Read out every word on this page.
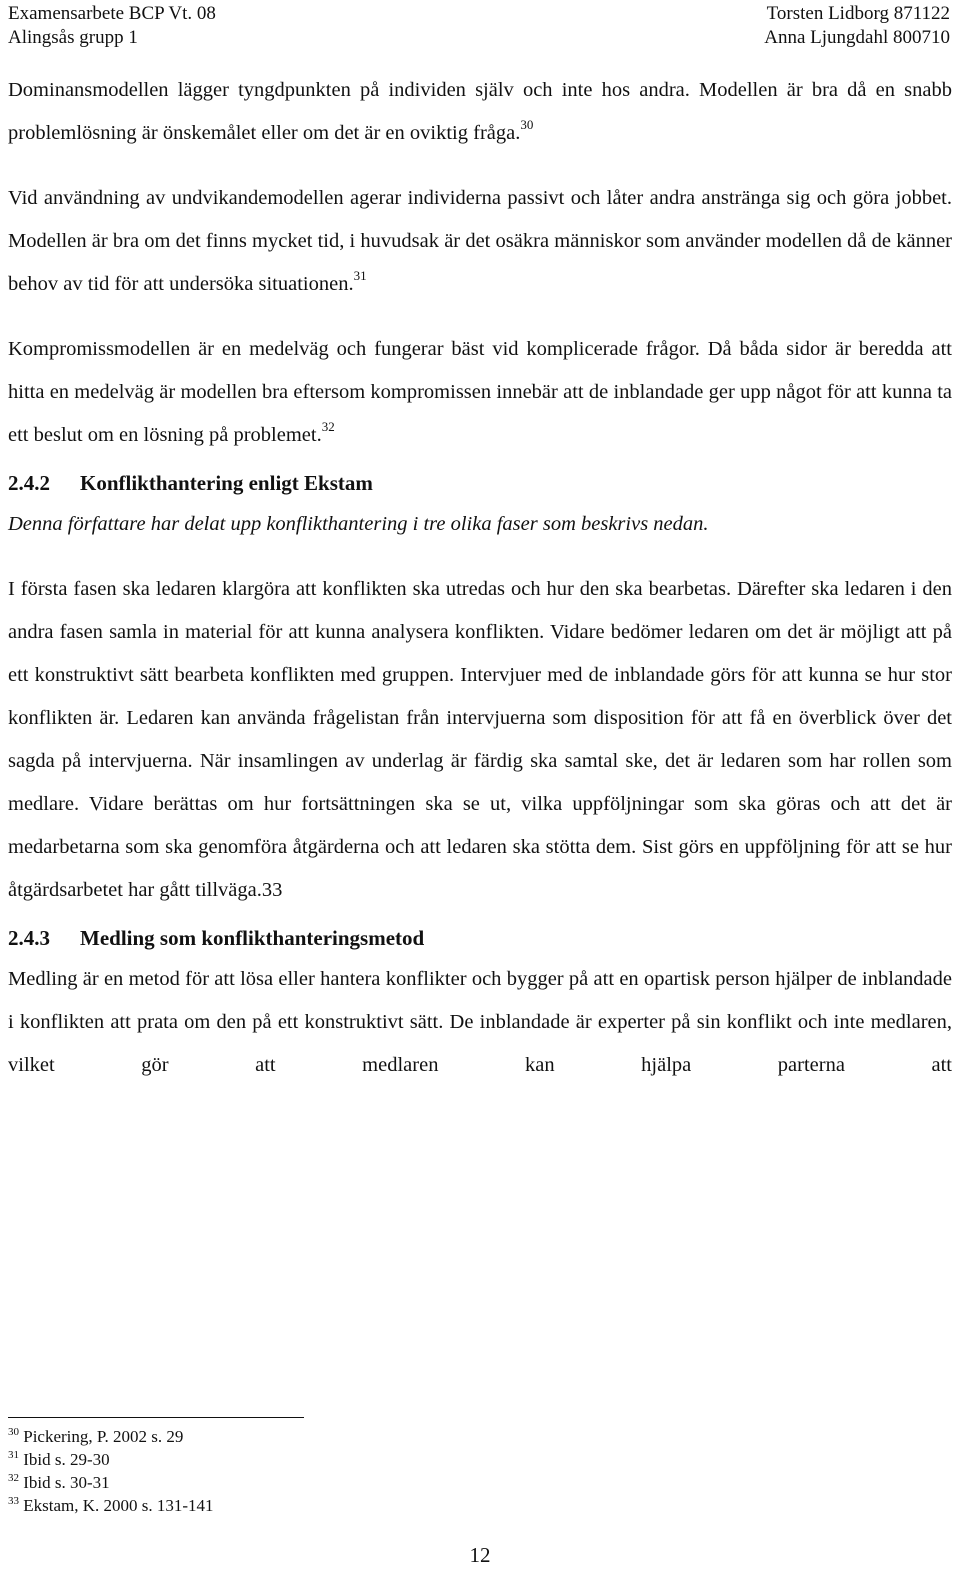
Examensarbete BCP Vt. 08
Alingsås grupp 1
Torsten Lidborg 871122
Anna Ljungdahl 800710

Dominansmodellen lägger tyngdpunkten på individen själv och inte hos andra. Modellen är bra då en snabb problemlösning är önskemålet eller om det är en oviktig fråga.$^{30}$

Vid användning av undvikandemodellen agerar individerna passivt och låter andra anstränga sig och göra jobbet. Modellen är bra om det finns mycket tid, i huvudsak är det osäkra människor som använder modellen då de känner behov av tid för att undersöka situationen.$^{31}$

Kompromissmodellen är en medelväg och fungerar bäst vid komplicerade frågor. Då båda sidor är beredda att hitta en medelväg är modellen bra eftersom kompromissen innebär att de inblandade ger upp något för att kunna ta ett beslut om en lösning på problemet.$^{32}$

2.4.2 Konflikthantering enligt Ekstam

Denna författare har delat upp konflikthantering i tre olika faser som beskrivs nedan.

I första fasen ska ledaren klargöra att konflikten ska utredas och hur den ska bearbetas. Därefter ska ledaren i den andra fasen samla in material för att kunna analysera konflikten. Vidare bedömer ledaren om det är möjligt att på ett konstruktivt sätt bearbeta konflikten med gruppen. Intervjuer med de inblandade görs för att kunna se hur stor konflikten är. Ledaren kan använda frågelistan från intervjuerna som disposition för att få en överblick över det sagda på intervjuerna. När insamlingen av underlag är färdig ska samtal ske, det är ledaren som har rollen som medlare. Vidare berättas om hur fortsättningen ska se ut, vilka uppföljningar som ska göras och att det är medarbetarna som ska genomföra åtgärderna och att ledaren ska stötta dem. Sist görs en uppföljning för att se hur åtgärdsarbetet har gått tillväga.33

2.4.3 Medling som konflikthanteringsmetod

Medling är en metod för att lösa eller hantera konflikter och bygger på att en opartisk person hjälper de inblandade i konflikten att prata om den på ett konstruktivt sätt. De inblandade är experter på sin konflikt och inte medlaren, vilket gör att medlaren kan hjälpa parterna att

$^{30}$ Pickering, P. 2002 s. 29
$^{31}$ Ibid s. 29-30
$^{32}$ Ibid s. 30-31
$^{33}$ Ekstam, K. 2000 s. 131-141
12
